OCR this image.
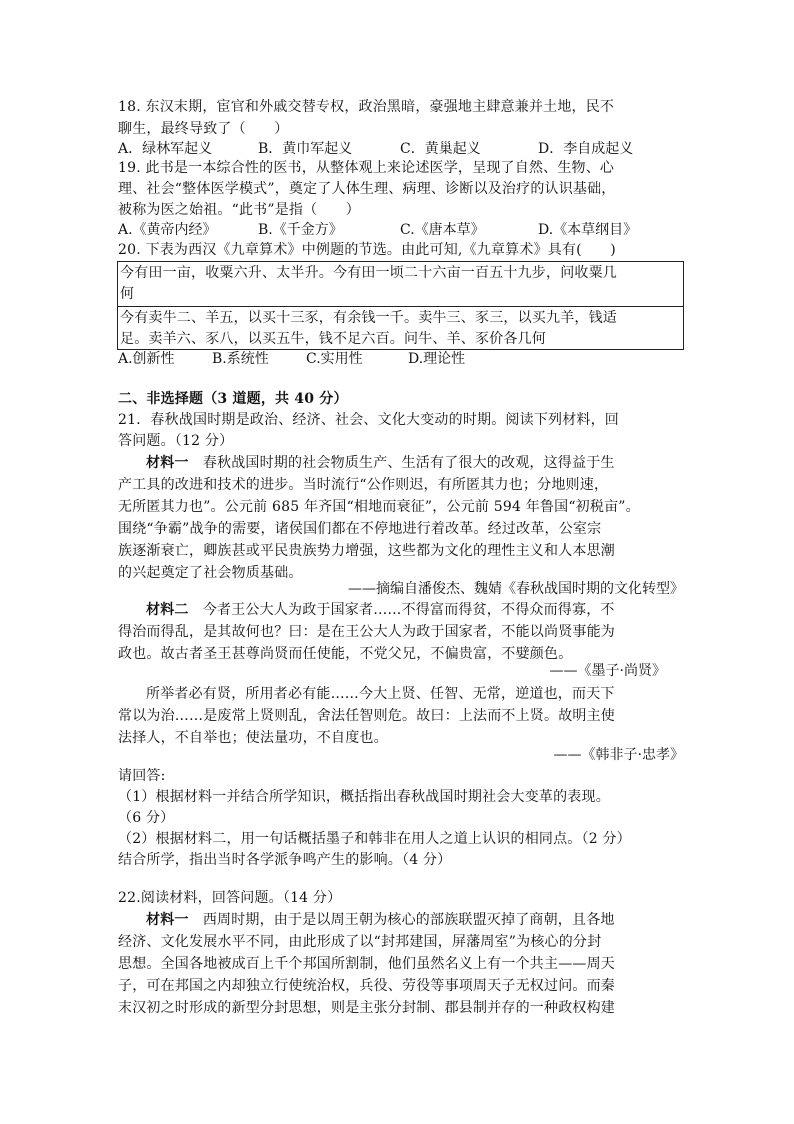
18. 东汉末期，宦官和外戚交替专权，政治黑暗，豪强地主肆意兼并土地，民不
聊生，最终导致了（　　）
A．绿林军起义	B．黄巾军起义	C．黄巢起义	D．李自成起义
19. 此书是一本综合性的医书，从整体观上来论述医学，呈现了自然、生物、心
理、社会“整体医学模式”，奠定了人体生理、病理、诊断以及治疗的认识基础，
被称为医之始祖。“此书”是指（　　）
A.《黄帝内经》	B.《千金方》	C.《唐本草》	D.《本草纲目》
20. 下表为西汉《九章算术》中例题的节选。由此可知,《九章算术》具有(　　)
今有田一亩，收粟六升、太半升。今有田一顷二十六亩一百五十九步，问收粟几
何
今有卖牛二、羊五，以买十三豕，有余钱一千。卖牛三、豕三，以买九羊，钱适
足。卖羊六、豕八，以买五牛，钱不足六百。问牛、羊、豕价各几何
A.创新性	B.系统性	C.实用性	D.理论性
二、非选择题（3 道题，共 40 分）
21．春秋战国时期是政治、经济、社会、文化大变动的时期。阅读下列材料，回
答问题。（12 分）
材料一　 春秋战国时期的社会物质生产、生活有了很大的改观，这得益于生
产工具的改进和技术的进步。当时流行“公作则迟，有所匿其力也；分地则速，
无所匿其力也”。公元前 685 年齐国“相地而衰征”，公元前 594 年鲁国“初税亩”。
围绕“争霸”战争的需要，诸侯国们都在不停地进行着改革。经过改革，公室宗
族逐渐衰亡，卿族甚或平民贵族势力增强，这些都为文化的理性主义和人本思潮
的兴起奠定了社会物质基础。
——摘编自潘俊杰、魏婧《春秋战国时期的文化转型》
材料二　 今者王公大人为政于国家者……不得富而得贫，不得众而得寡，不
得治而得乱，是其故何也？曰：是在王公大人为政于国家者，不能以尚贤事能为
政也。故古者圣王甚尊尚贤而任使能，不党父兄，不偏贵富，不嬖颜色。
——《墨子·尚贤》
所举者必有贤，所用者必有能……今大上贤、任智、无常，逆道也，而天下
常以为治……是废常上贤则乱，舍法任智则危。故曰：上法而不上贤。故明主使
法择人，不自举也；使法量功，不自度也。
——《韩非子·忠孝》
请回答:
（1）根据材料一并结合所学知识，概括指出春秋战国时期社会大变革的表现。
（6 分）
（2）根据材料二，用一句话概括墨子和韩非在用人之道上认识的相同点。（2 分）
结合所学，指出当时各学派争鸣产生的影响。（4 分）
22.阅读材料，回答问题。（14 分）
材料一　 西周时期，由于是以周王朝为核心的部族联盟灭掉了商朝，且各地
经济、文化发展水平不同，由此形成了以“封邦建国，屏藩周室”为核心的分封
思想。全国各地被成百上千个邦国所割制，他们虽然名义上有一个共主——周天
子，可在邦国之内却独立行使统治权，兵役、劳役等事项周天子无权过问。而秦
末汉初之时形成的新型分封思想，则是主张分封制、郡县制并存的一种政权构建
